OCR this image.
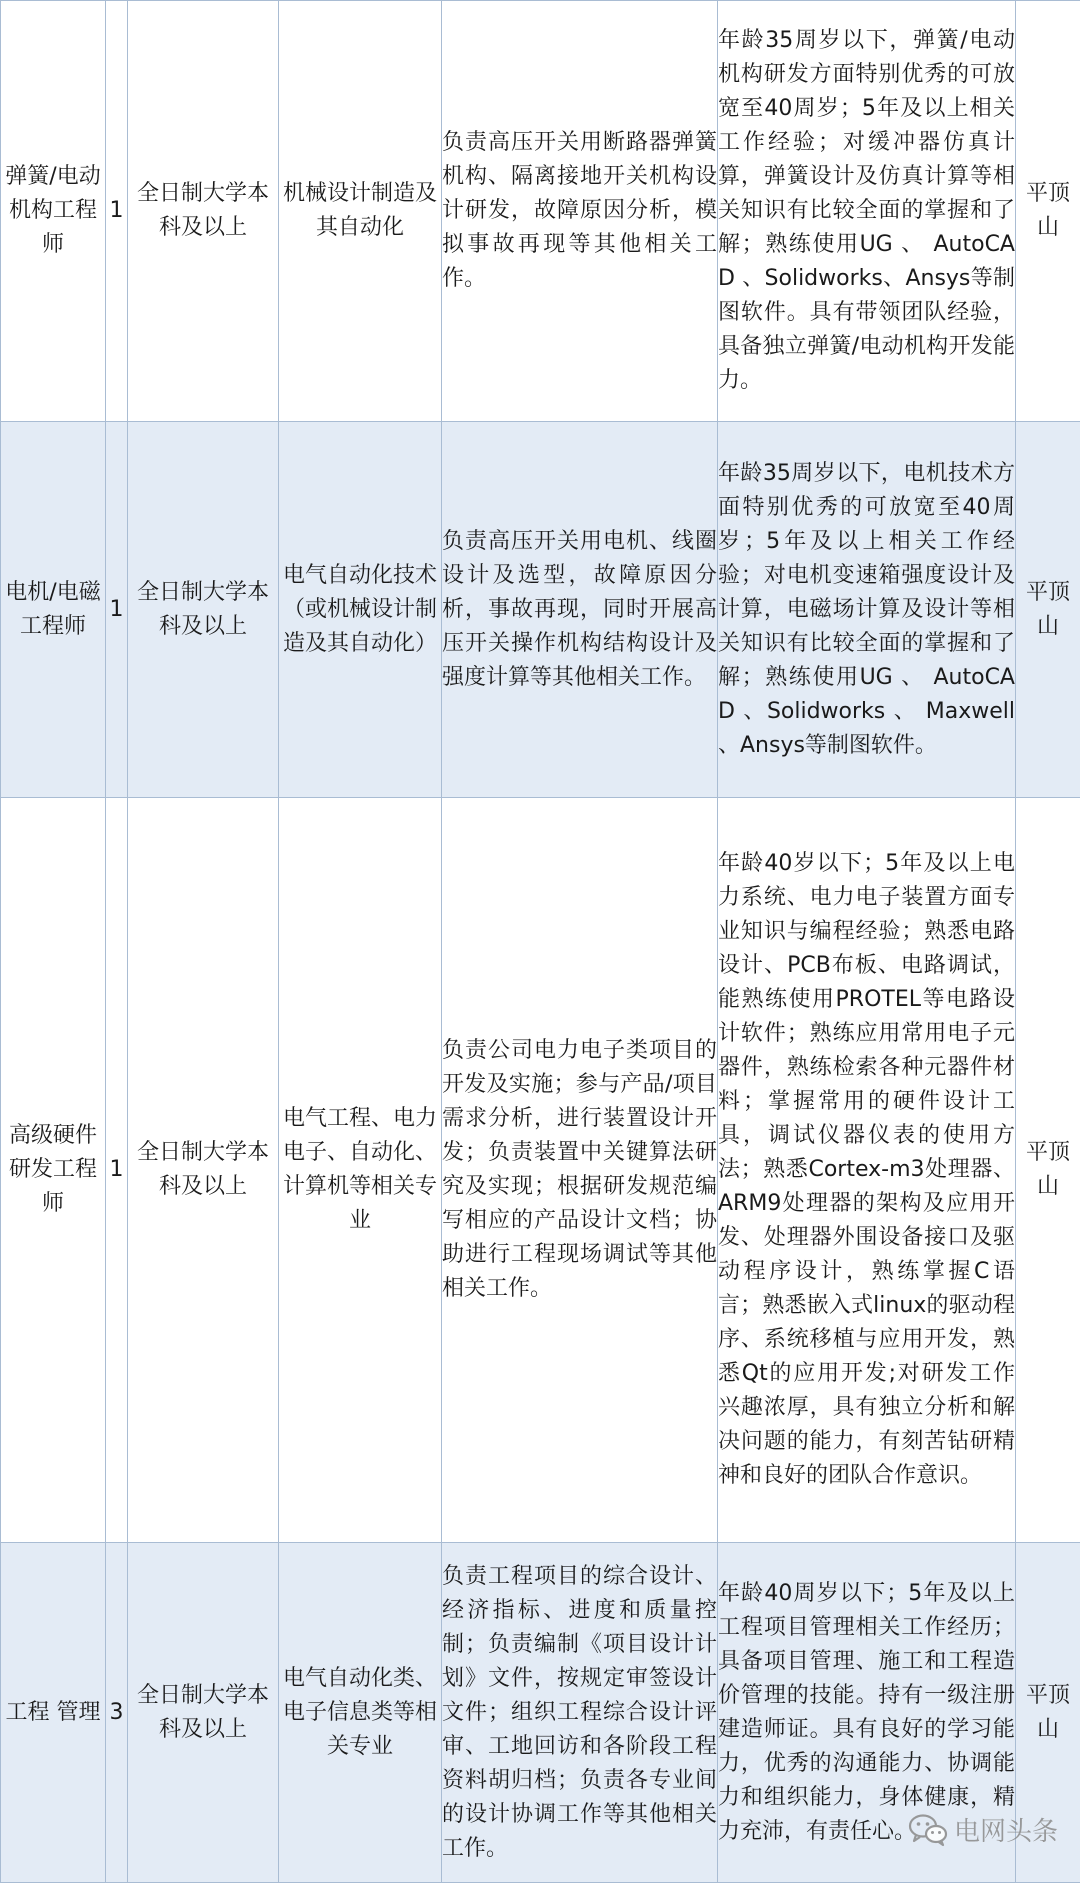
弹簧/电动机构工程师	1	全日制大学本科及以上	机械设计制造及其自动化	负责高压开关用断路器弹簧机构、隔离接地开关机构设计研发，故障原因分析，模拟事故再现等其他相关工作。	年龄35周岁以下，弹簧/电动机构研发方面特别优秀的可放宽至40周岁；5年及以上相关工作经验；对缓冲器仿真计算，弹簧设计及仿真计算等相关知识有比较全面的掌握和了解；熟练使用UG 、 AutoCAD 、Solidworks、Ansys等制图软件。具有带领团队经验，具备独立弹簧/电动机构开发能力。	平顶山

电机/电磁工程师	1	全日制大学本科及以上	电气自动化技术（或机械设计制造及其自动化）	负责高压开关用电机、线圈设计及选型，故障原因分析，事故再现，同时开展高压开关操作机构结构设计及强度计算等其他相关工作。	年龄35周岁以下，电机技术方面特别优秀的可放宽至40周岁；5年及以上相关工作经验；对电机变速箱强度设计及计算，电磁场计算及设计等相关知识有比较全面的掌握和了解；熟练使用UG 、 AutoCAD 、Solidworks 、 Maxwell 、Ansys等制图软件。	平顶山

高级硬件研发工程师	1	全日制大学本科及以上	电气工程、电力电子、自动化、计算机等相关专业	负责公司电力电子类项目的开发及实施；参与产品/项目需求分析，进行装置设计开发；负责装置中关键算法研究及实现；根据研发规范编写相应的产品设计文档；协助进行工程现场调试等其他相关工作。	年龄40岁以下；5年及以上电力系统、电力电子装置方面专业知识与编程经验；熟悉电路设计、PCB布板、电路调试，能熟练使用PROTEL等电路设计软件；熟练应用常用电子元器件，熟练检索各种元器件材料；掌握常用的硬件设计工具，调试仪器仪表的使用方法；熟悉Cortex-m3处理器、ARM9处理器的架构及应用开发、处理器外围设备接口及驱动程序设计，熟练掌握C语言；熟悉嵌入式linux的驱动程序、系统移植与应用开发，熟悉Qt的应用开发;对研发工作兴趣浓厚，具有独立分析和解决问题的能力，有刻苦钻研精神和良好的团队合作意识。	平顶山

工程 管理	3	全日制大学本科及以上	电气自动化类、电子信息类等相关专业	负责工程项目的综合设计、经济指标、进度和质量控制；负责编制《项目设计计划》文件，按规定审签设计文件；组织工程综合设计评审、工地回访和各阶段工程资料胡归档；负责各专业间的设计协调工作等其他相关工作。	年龄40周岁以下；5年及以上工程项目管理相关工作经历；具备项目管理、施工和工程造价管理的技能。持有一级注册建造师证。具有良好的学习能力，优秀的沟通能力、协调能力和组织能力，身体健康，精力充沛，有责任心。	平顶山
电网头条
